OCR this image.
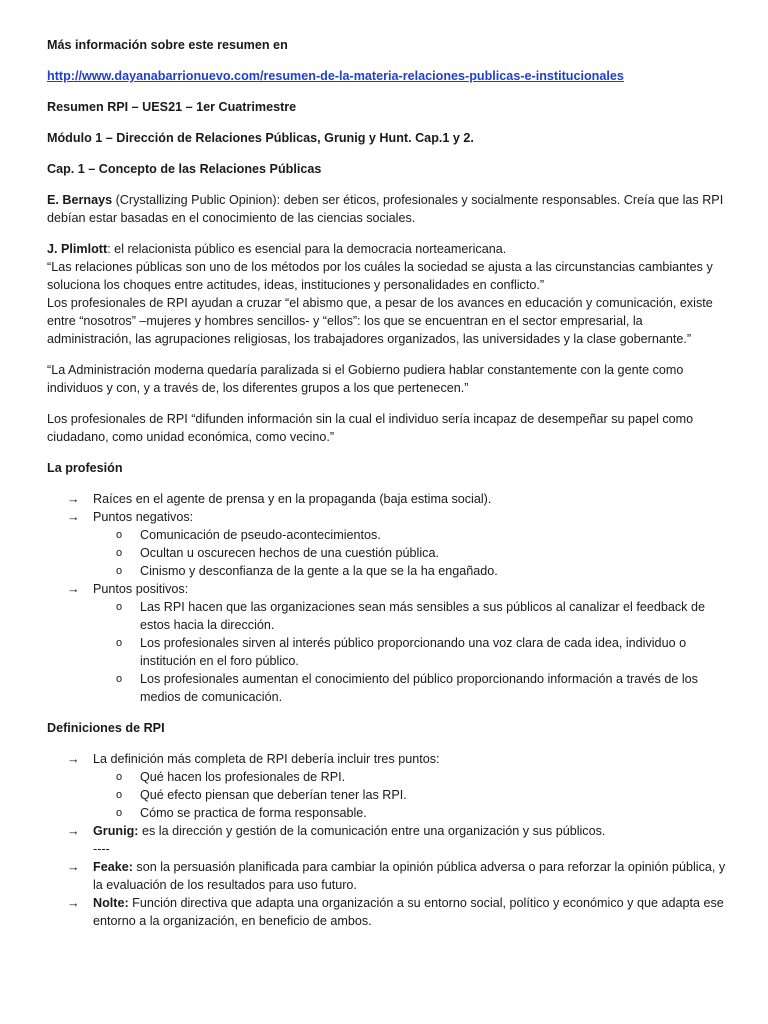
Más información sobre este resumen en

http://www.dayanabarrionuevo.com/resumen-de-la-materia-relaciones-publicas-e-institucionales

Resumen RPI – UES21 – 1er Cuatrimestre

Módulo 1 – Dirección de Relaciones Públicas, Grunig y Hunt. Cap.1 y 2.

Cap. 1 – Concepto de las Relaciones Públicas

E. Bernays (Crystallizing Public Opinion): deben ser éticos, profesionales y socialmente responsables. Creía que las RPI debían estar basadas en el conocimiento de las ciencias sociales.

J. Plimlott: el relacionista público es esencial para la democracia norteamericana.
“Las relaciones públicas son uno de los métodos por los cuáles la sociedad se ajusta a las circunstancias cambiantes y soluciona los choques entre actitudes, ideas, instituciones y personalidades en conflicto.”
Los profesionales de RPI ayudan a cruzar “el abismo que, a pesar de los avances en educación y comunicación, existe entre “nosotros” –mujeres y hombres sencillos- y “ellos”: los que se encuentran en el sector empresarial, la administración, las agrupaciones religiosas, los trabajadores organizados, las universidades y la clase gobernante.”

“La Administración moderna quedaría paralizada si el Gobierno pudiera hablar constantemente con la gente como individuos y con, y a través de, los diferentes grupos a los que pertenecen.”

Los profesionales de RPI “difunden información sin la cual el individuo sería incapaz de desempeñar su papel como ciudadano, como unidad económica, como vecino.”

La profesión

→ Raíces en el agente de prensa y en la propaganda (baja estima social).
→ Puntos negativos:
o Comunicación de pseudo-acontecimientos.
o Ocultan u oscurecen hechos de una cuestión pública.
o Cinismo y desconfianza de la gente a la que se la ha engañado.
→ Puntos positivos:
o Las RPI hacen que las organizaciones sean más sensibles a sus públicos al canalizar el feedback de estos hacia la dirección.
o Los profesionales sirven al interés público proporcionando una voz clara de cada idea, individuo o institución en el foro público.
o Los profesionales aumentan el conocimiento del público proporcionando información a través de los medios de comunicación.

Definiciones de RPI

→ La definición más completa de RPI debería incluir tres puntos:
o Qué hacen los profesionales de RPI.
o Qué efecto piensan que deberían tener las RPI.
o Cómo se practica de forma responsable.
→ Grunig: es la dirección y gestión de la comunicación entre una organización y sus públicos.
----
→ Feake: son la persuasión planificada para cambiar la opinión pública adversa o para reforzar la opinión pública, y la evaluación de los resultados para uso futuro.
→ Nolte: Función directiva que adapta una organización a su entorno social, político y económico y que adapta ese entorno a la organización, en beneficio de ambos.
